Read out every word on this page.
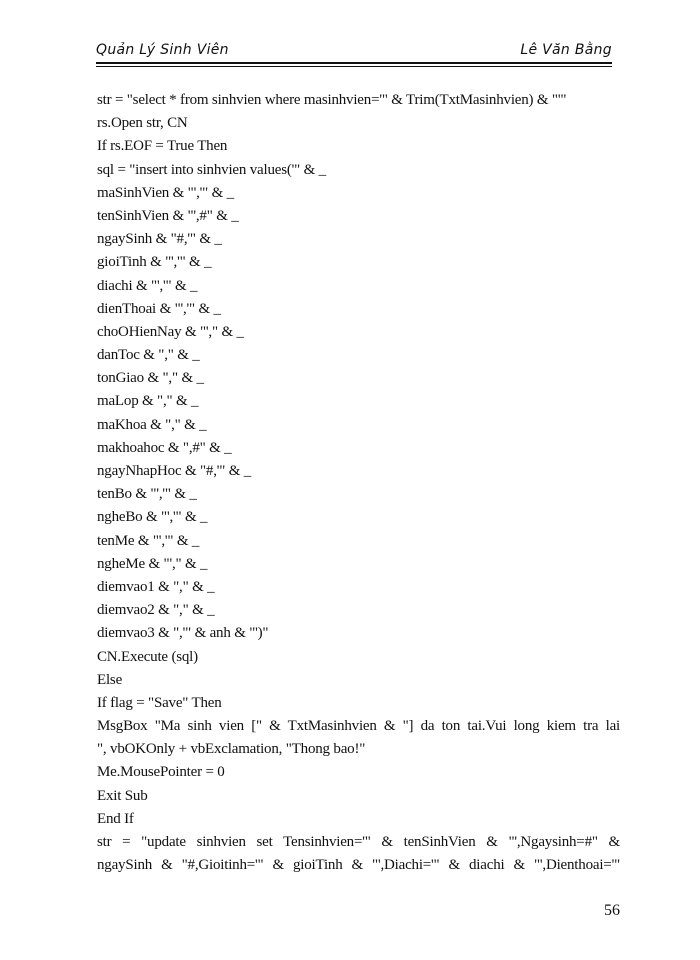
Quản Lý Sinh Viên	Lê Văn Bằng
str = "select * from sinhvien where masinhvien='" & Trim(TxtMasinhvien) & "'"
rs.Open str, CN
If rs.EOF = True Then
sql = "insert into sinhvien values('" & _
maSinhVien & "','" & _
tenSinhVien & "',#" & _
ngaySinh & "#,'" & _
gioiTinh & "','" & _
diachi & "','" & _
dienThoai & "','" & _
choOHienNay & "'," & _
danToc & "," & _
tonGiao & "," & _
maLop & "," & _
maKhoa & "," & _
makhoahoc & ",#" & _
ngayNhapHoc & "#,'" & _
tenBo & "','" & _
ngheBo & "','" & _
tenMe & "','" & _
ngheMe & "'," & _
diemvao1 & "," & _
diemvao2 & "," & _
diemvao3 & ",'" & anh & "')"
CN.Execute (sql)
Else
If flag = "Save" Then
MsgBox "Ma sinh vien [" & TxtMasinhvien & "] da ton tai.Vui long kiem tra lai
", vbOKOnly + vbExclamation, "Thong bao!"
Me.MousePointer = 0
Exit Sub
End If
str = "update sinhvien set Tensinhvien='" & tenSinhVien & "',Ngaysinh=#" &
ngaySinh & "#,Gioitinh='" & gioiTinh & "',Diachi='" & diachi & "',Dienthoai='"
56
